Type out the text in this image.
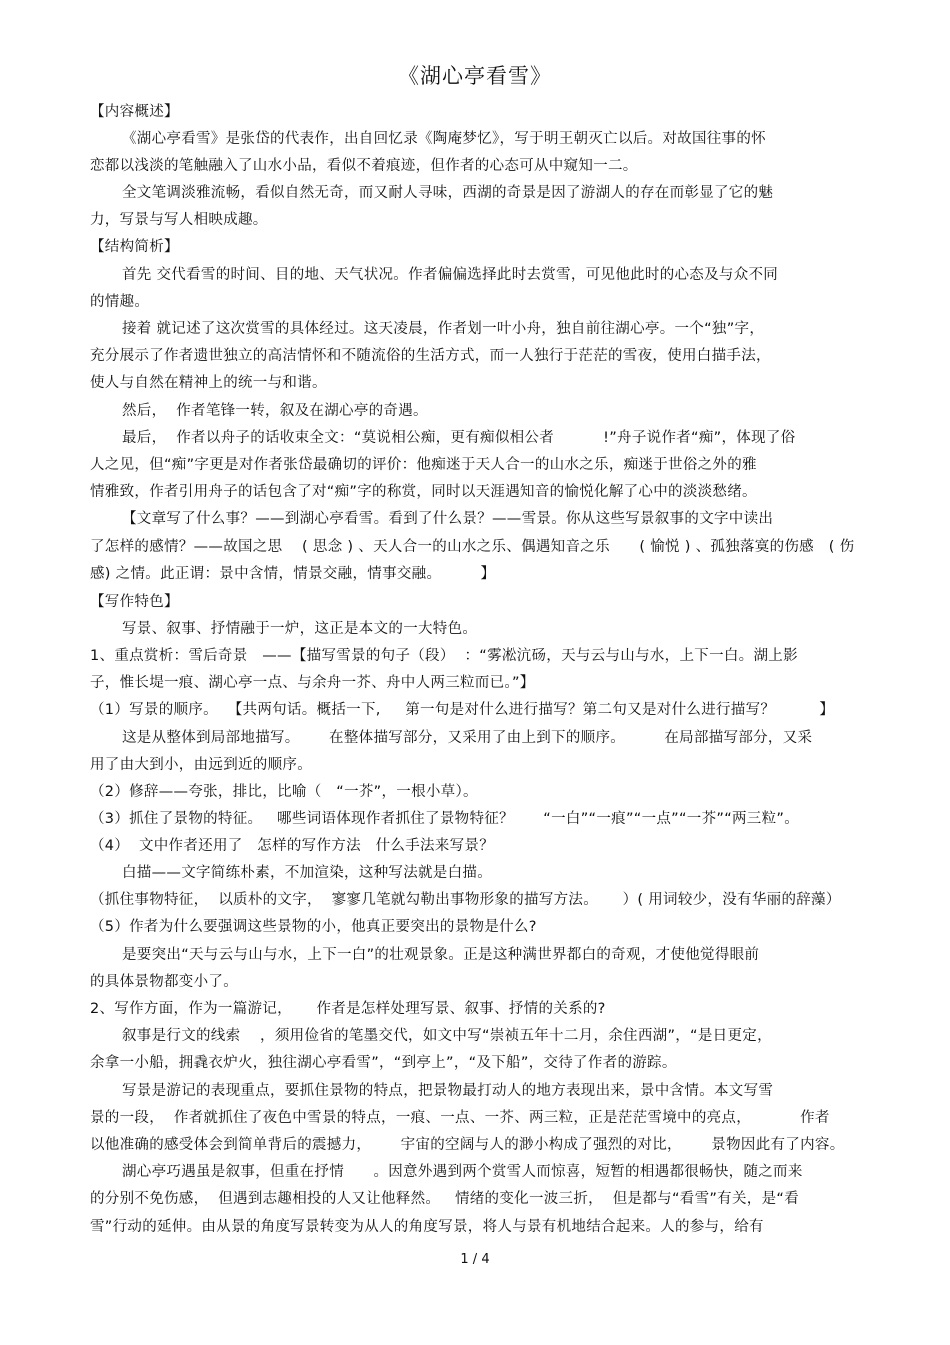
《湖心亭看雪》
【内容概述】
《湖心亭看雪》是张岱的代表作，出自回忆录《陶庵梦忆》，写于明王朝灭亡以后。对故国往事的怀
恋都以浅淡的笔触融入了山水小品，看似不着痕迹，但作者的心态可从中窥知一二。
全文笔调淡雅流畅，看似自然无奇，而又耐人寻味，西湖的奇景是因了游湖人的存在而彰显了它的魅
力，写景与写人相映成趣。
【结构简析】
首先 交代看雪的时间、目的地、天气状况。作者偏偏选择此时去赏雪，可见他此时的心态及与众不同
的情趣。
接着 就记述了这次赏雪的具体经过。这天凌晨，作者划一叶小舟，独自前往湖心亭。一个“独”字，
充分展示了作者遗世独立的高洁情怀和不随流俗的生活方式，而一人独行于茫茫的雪夜，使用白描手法，
使人与自然在精神上的统一与和谐。
然后，  作者笔锋一转，叙及在湖心亭的奇遇。
最后，  作者以舟子的话收束全文：“莫说相公痴，更有痴似相公者          !”舟子说作者“痴”，体现了俗
人之见，但“痴”字更是对作者张岱最确切的评价：他痴迷于天人合一的山水之乐，痴迷于世俗之外的雅
情雅致，作者引用舟子的话包含了对“痴”字的称赏，同时以天涯遇知音的愉悦化解了心中的淡淡愁绪。
【文章写了什么事？——到湖心亭看雪。看到了什么景？——雪景。你从这些写景叙事的文字中读出
了怎样的感情？——故国之思    ( 思念 ) 、天人合一的山水之乐、偶遇知音之乐      ( 愉悦 ) 、孤独落寞的伤感   ( 伤
感) 之情。此正谓：景中含情，情景交融，情事交融。        】
【写作特色】
写景、叙事、抒情融于一炉，这正是本文的一大特色。
1、重点赏析：雪后奇景   ——【描写雪景的句子（段）  ：“雾凇沆砀，天与云与山与水，上下一白。湖上影
子，惟长堤一痕、湖心亭一点、与余舟一芥、舟中人两三粒而已。”】
（1）写景的顺序。  【共两句话。概括一下,     第一句是对什么进行描写？第二句又是对什么进行描写？         】
这是从整体到局部地描写。      在整体描写部分，又采用了由上到下的顺序。        在局部描写部分，又采
用了由大到小，由远到近的顺序。
（2）修辞——夸张，排比，比喻（   “一芥”，一根小草）。
（3）抓住了景物的特征。   哪些词语体现作者抓住了景物特征？      “一白”“一痕”“一点”“一芥”“两三粒”。
（4）  文中作者还用了   怎样的写作方法   什么手法来写景？
白描——文字简练朴素，不加渲染，这种写法就是白描。
（抓住事物特征，  以质朴的文字，  寥寥几笔就勾勒出事物形象的描写方法。     ）( 用词较少，没有华丽的辞藻）
（5）作者为什么要强调这些景物的小，他真正要突出的景物是什么?
是要突出“天与云与山与水，上下一白”的壮观景象。正是这种满世界都白的奇观，才使他觉得眼前
的具体景物都变小了。
2、写作方面，作为一篇游记，     作者是怎样处理写景、叙事、抒情的关系的?
叙事是行文的线索    ，须用俭省的笔墨交代，如文中写“崇祯五年十二月，余住西湖”，“是日更定，
余拿一小船，拥毳衣炉火，独往湖心亭看雪”，“到亭上”，“及下船”，交待了作者的游踪。
写景是游记的表现重点，要抓住景物的特点，把景物最打动人的地方表现出来，景中含情。本文写雪
景的一段，  作者就抓住了夜色中雪景的特点，一痕、一点、一芥、两三粒，正是茫茫雪境中的亮点，          作者
以他准确的感受体会到简单背后的震撼力，      宇宙的空阔与人的渺小构成了强烈的对比，      景物因此有了内容。
湖心亭巧遇虽是叙事，但重在抒情      。因意外遇到两个赏雪人而惊喜，短暂的相遇都很畅快，随之而来
的分别不免伤感，  但遇到志趣相投的人又让他释然。   情绪的变化一波三折，  但是都与“看雪”有关，是“看
雪”行动的延伸。由从景的角度写景转变为从人的角度写景，将人与景有机地结合起来。人的参与，给有
1 / 4
